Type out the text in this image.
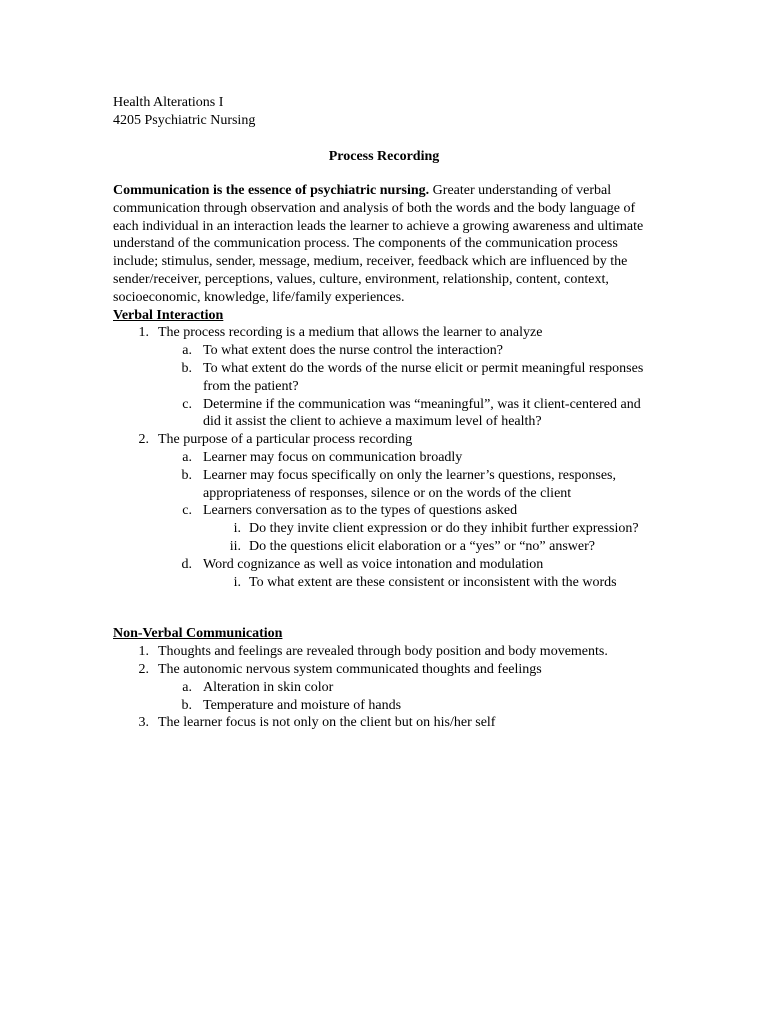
Health Alterations I
4205 Psychiatric Nursing
Process Recording

Communication is the essence of psychiatric nursing. Greater understanding of verbal communication through observation and analysis of both the words and the body language of each individual in an interaction leads the learner to achieve a growing awareness and ultimate understand of the communication process. The components of the communication process include; stimulus, sender, message, medium, receiver, feedback which are influenced by the sender/receiver, perceptions, values, culture, environment, relationship, content, context, socioeconomic, knowledge, life/family experiences.

Verbal Interaction
1. The process recording is a medium that allows the learner to analyze
a. To what extent does the nurse control the interaction?
b. To what extent do the words of the nurse elicit or permit meaningful responses from the patient?
c. Determine if the communication was “meaningful”, was it client-centered and did it assist the client to achieve a maximum level of health?
2. The purpose of a particular process recording
a. Learner may focus on communication broadly
b. Learner may focus specifically on only the learner’s questions, responses, appropriateness of responses, silence or on the words of the client
c. Learners conversation as to the types of questions asked
i. Do they invite client expression or do they inhibit further expression?
ii. Do the questions elicit elaboration or a “yes” or “no” answer?
d. Word cognizance as well as voice intonation and modulation
i. To what extent are these consistent or inconsistent with the words
Non-Verbal Communication
1. Thoughts and feelings are revealed through body position and body movements.
2. The autonomic nervous system communicated thoughts and feelings
a. Alteration in skin color
b. Temperature and moisture of hands
3. The learner focus is not only on the client but on his/her self
